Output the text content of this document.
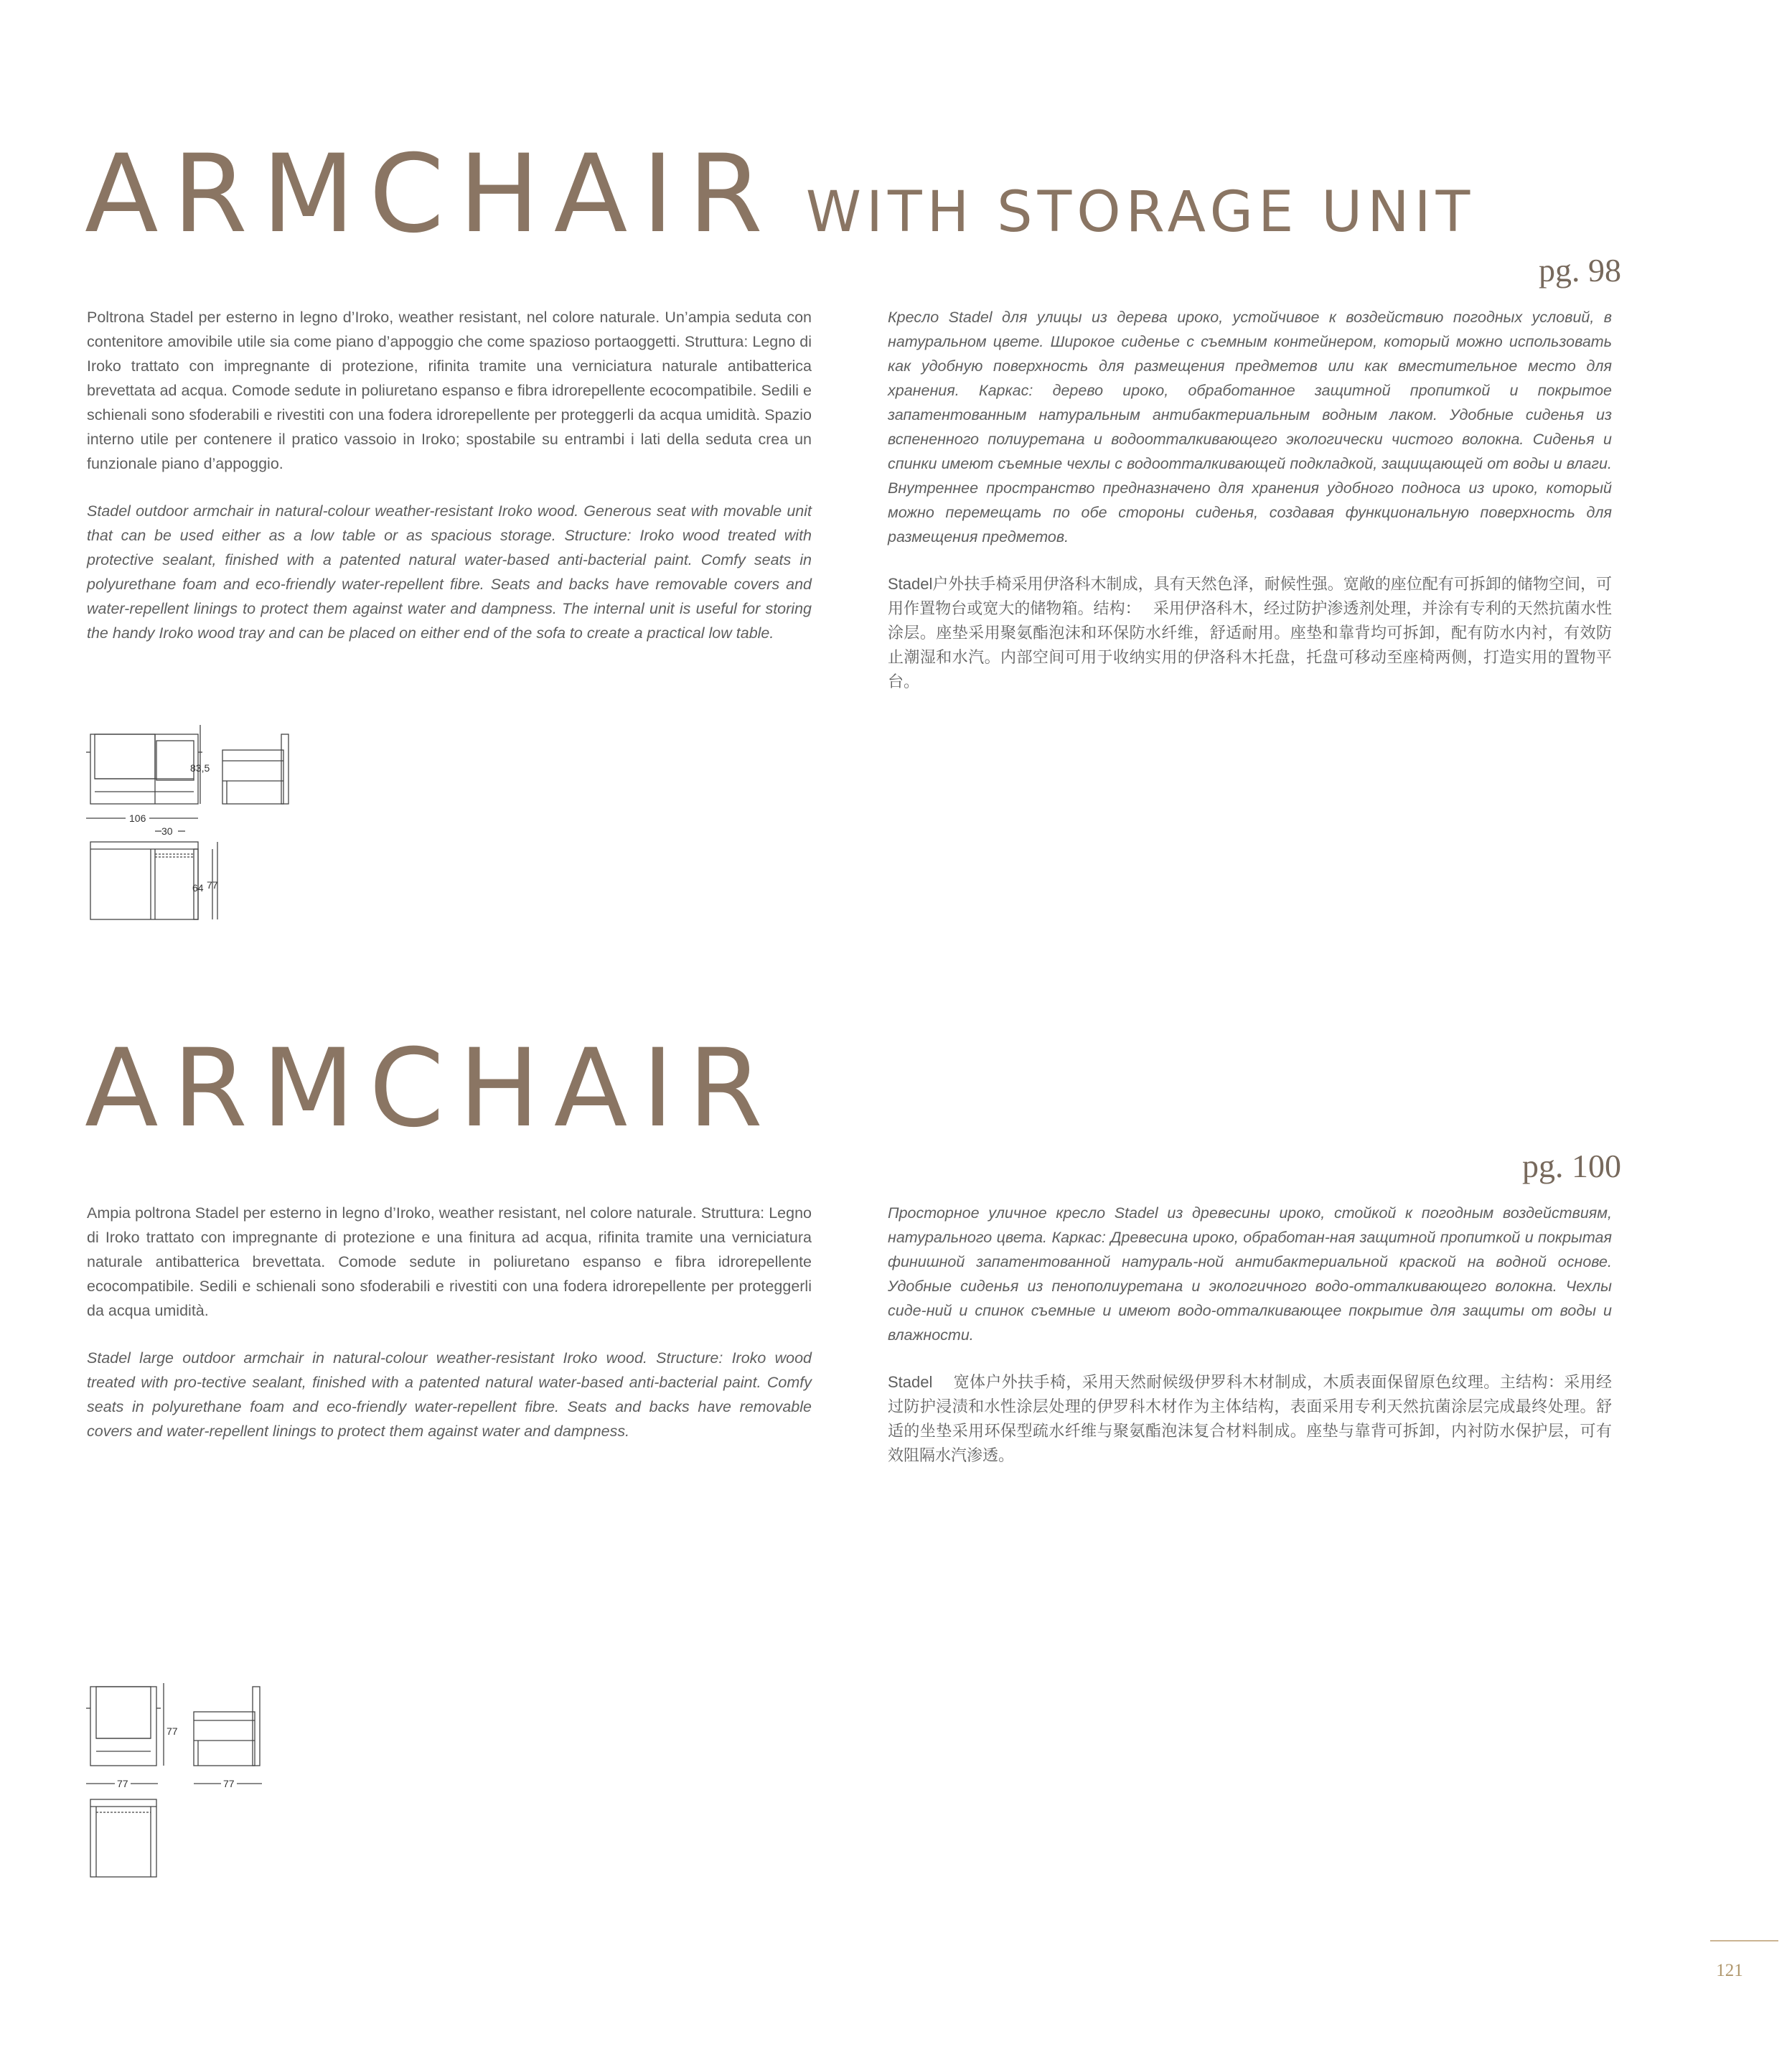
ARMCHAIR WITH STORAGE UNIT
pg. 98

Poltrona Stadel per esterno in legno d’Iroko, weather resistant, nel colore naturale. Un’ampia seduta con contenitore amovibile utile sia come piano d’appoggio che come spazioso portaoggetti. Struttura: Legno di Iroko trattato con impregnante di protezione, rifinita tramite una verniciatura naturale antibatterica brevettata ad acqua. Comode sedute in poliuretano espanso e fibra idrorepellente ecocompatibile. Sedili e schienali sono sfoderabili e rivestiti con una fodera idrorepellente per proteggerli da acqua umidità. Spazio interno utile per contenere il pratico vassoio in Iroko; spostabile su entrambi i lati della seduta crea un funzionale piano d’appoggio.

Stadel outdoor armchair in natural-colour weather-resistant Iroko wood. Generous seat with movable unit that can be used either as a low table or as spacious storage. Structure: Iroko wood treated with protective sealant, finished with a patented natural water-based anti-bacterial paint. Comfy seats in polyurethane foam and eco-friendly water-repellent fibre. Seats and backs have removable covers and water-repellent linings to protect them against water and dampness. The internal unit is useful for storing the handy Iroko wood tray and can be placed on either end of the sofa to create a practical low table.

Кресло Stadel для улицы из дерева ироко, устойчивое к воздействию погодных условий, в натуральном цвете. Широкое сиденье с съемным контейнером, который можно использовать как удобную поверхность для размещения предметов или как вместительное место для хранения. Каркас: дерево ироко, обработанное защитной пропиткой и покрытое запатентованным натуральным антибактериальным водным лаком. Удобные сиденья из вспененного полиуретана и водоотталкивающего экологически чистого волокна. Сиденья и спинки имеют съемные чехлы с водоотталкивающей подкладкой, защищающей от воды и влаги. Внутреннее пространство предназначено для хранения удобного подноса из ироко, который можно перемещать по обе стороны сиденья, создавая функциональную поверхность для размещения предметов.

Stadel户外扶手椅采用伊洛科木制成，具有天然色泽，耐候性强。宽敞的座位配有可拆卸的储物空间，可用作置物台或宽大的储物箱。结构：　 采用伊洛科木，经过防护渗透剂处理，并涂有专利的天然抗菌水性涂层。座垫采用聚氨酯泡沫和环保防水纤维，舒适耐用。座垫和靠背均可拆卸，配有防水内衬，有效防止潮湿和水汽。内部空间可用于收纳实用的伊洛科木托盘，托盘可移动至座椅两侧，打造实用的置物平台。

83,5
106
30
64 77
ARMCHAIR
pg. 100

Ampia poltrona Stadel per esterno in legno d’Iroko, weather resistant, nel colore naturale. Struttura: Legno di Iroko trattato con impregnante di protezione e una finitura ad acqua, rifinita tramite una verniciatura naturale antibatterica brevettata. Comode sedute in poliuretano espanso e fibra idrorepellente ecocompatibile. Sedili e schienali sono sfoderabili e rivestiti con una fodera idrorepellente per proteggerli da acqua umidità.

Stadel large outdoor armchair in natural-colour weather-resistant Iroko wood. Structure: Iroko wood treated with pro-tective sealant, finished with a patented natural water-based anti-bacterial paint. Comfy seats in polyurethane foam and eco-friendly water-repellent fibre. Seats and backs have removable covers and water-repellent linings to protect them against water and dampness.

Просторное уличное кресло Stadel из древесины ироко, стойкой к погодным воздействиям, натурального цвета. Каркас: Древесина ироко, обработан-ная защитной пропиткой и покрытая финишной запатентованной натураль-ной антибактериальной краской на водной основе. Удобные сиденья из пенополиуретана и экологичного водо-отталкивающего волокна. Чехлы сиде-ний и спинок съемные и имеют водо-отталкивающее покрытие для защиты от воды и влажности.

Stadel　 宽体户外扶手椅，采用天然耐候级伊罗科木材制成，木质表面保留原色纹理。主结构：采用经过防护浸渍和水性涂层处理的伊罗科木材作为主体结构，表面采用专利天然抗菌涂层完成最终处理。舒适的坐垫采用环保型疏水纤维与聚氨酯泡沫复合材料制成。座垫与靠背可拆卸，内衬防水保护层，可有效阻隔水汽渗透。

77
77	77
121
